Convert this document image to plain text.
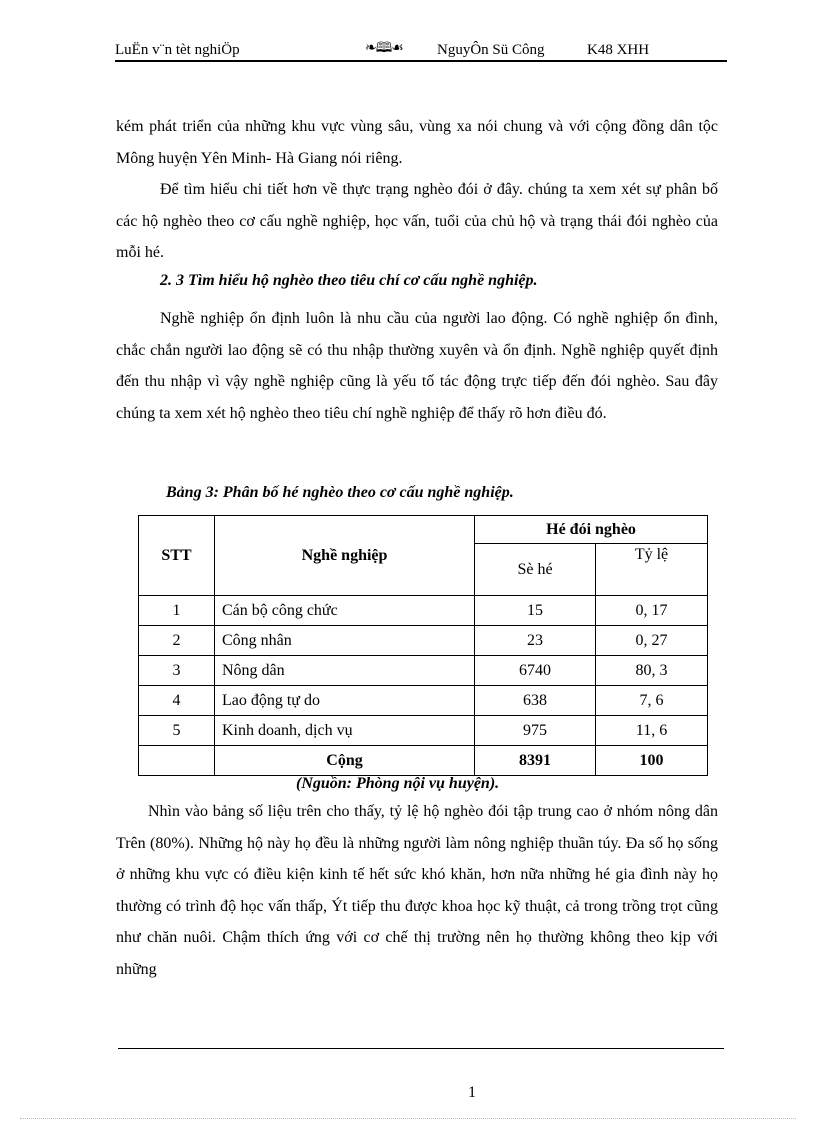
LuËn v¨n tèt nghiÖp	❧🕮☙ NguyÔn Sü Công	K48 XHH

kém phát triển của những khu vực vùng sâu, vùng xa nói chung và với cộng đồng dân tộc Mông huyện Yên Minh- Hà Giang nói riêng.

Để tìm hiểu chi tiết hơn về thực trạng nghèo đói ở đây. chúng ta xem xét sự phân bố các hộ nghèo theo cơ cấu nghề nghiệp, học vấn, tuổi của chủ hộ và trạng thái đói nghèo của mỗi hé.

2. 3 Tìm hiểu hộ nghèo theo tiêu chí cơ cấu nghề nghiệp.

Nghề nghiệp ổn định luôn là nhu cầu của người lao động. Có nghề nghiệp ổn đình, chắc chắn người lao động sẽ có thu nhập thường xuyên và ổn định. Nghề nghiệp quyết định đến thu nhập vì vậy nghề nghiệp cũng là yếu tố tác động trực tiếp đến đói nghèo. Sau đây chúng ta xem xét hộ nghèo theo tiêu chí nghề nghiệp để thấy rõ hơn điều đó.

Bảng 3: Phân bố hé nghèo theo cơ cấu nghề nghiệp.
STT	Nghề nghiệp	Hé đói nghèo	
		Sè hé	Tỷ lệ
1	Cán bộ công chức	15	0, 17
2	Công nhân	23	0, 27
3	Nông dân	6740	80, 3
4	Lao động tự do	638	7, 6
5	Kinh doanh, dịch vụ	975	11, 6
	Cộng	8391	100
(Nguồn: Phòng nội vụ huyện).

Nhìn vào bảng số liệu trên cho thấy, tỷ lệ hộ nghèo đói tập trung cao ở nhóm nông dân Trên (80%). Những hộ này họ đều là những người làm nông nghiệp thuần túy. Đa số họ sống ở những khu vực có điều kiện kinh tế hết sức khó khăn, hơn nữa những hé gia đình này họ thường có trình độ học vấn thấp, Ýt tiếp thu được khoa học kỹ thuật, cả trong trồng trọt cũng như chăn nuôi. Chậm thích ứng với cơ chế thị trường nên họ thường không theo kịp với những

1
